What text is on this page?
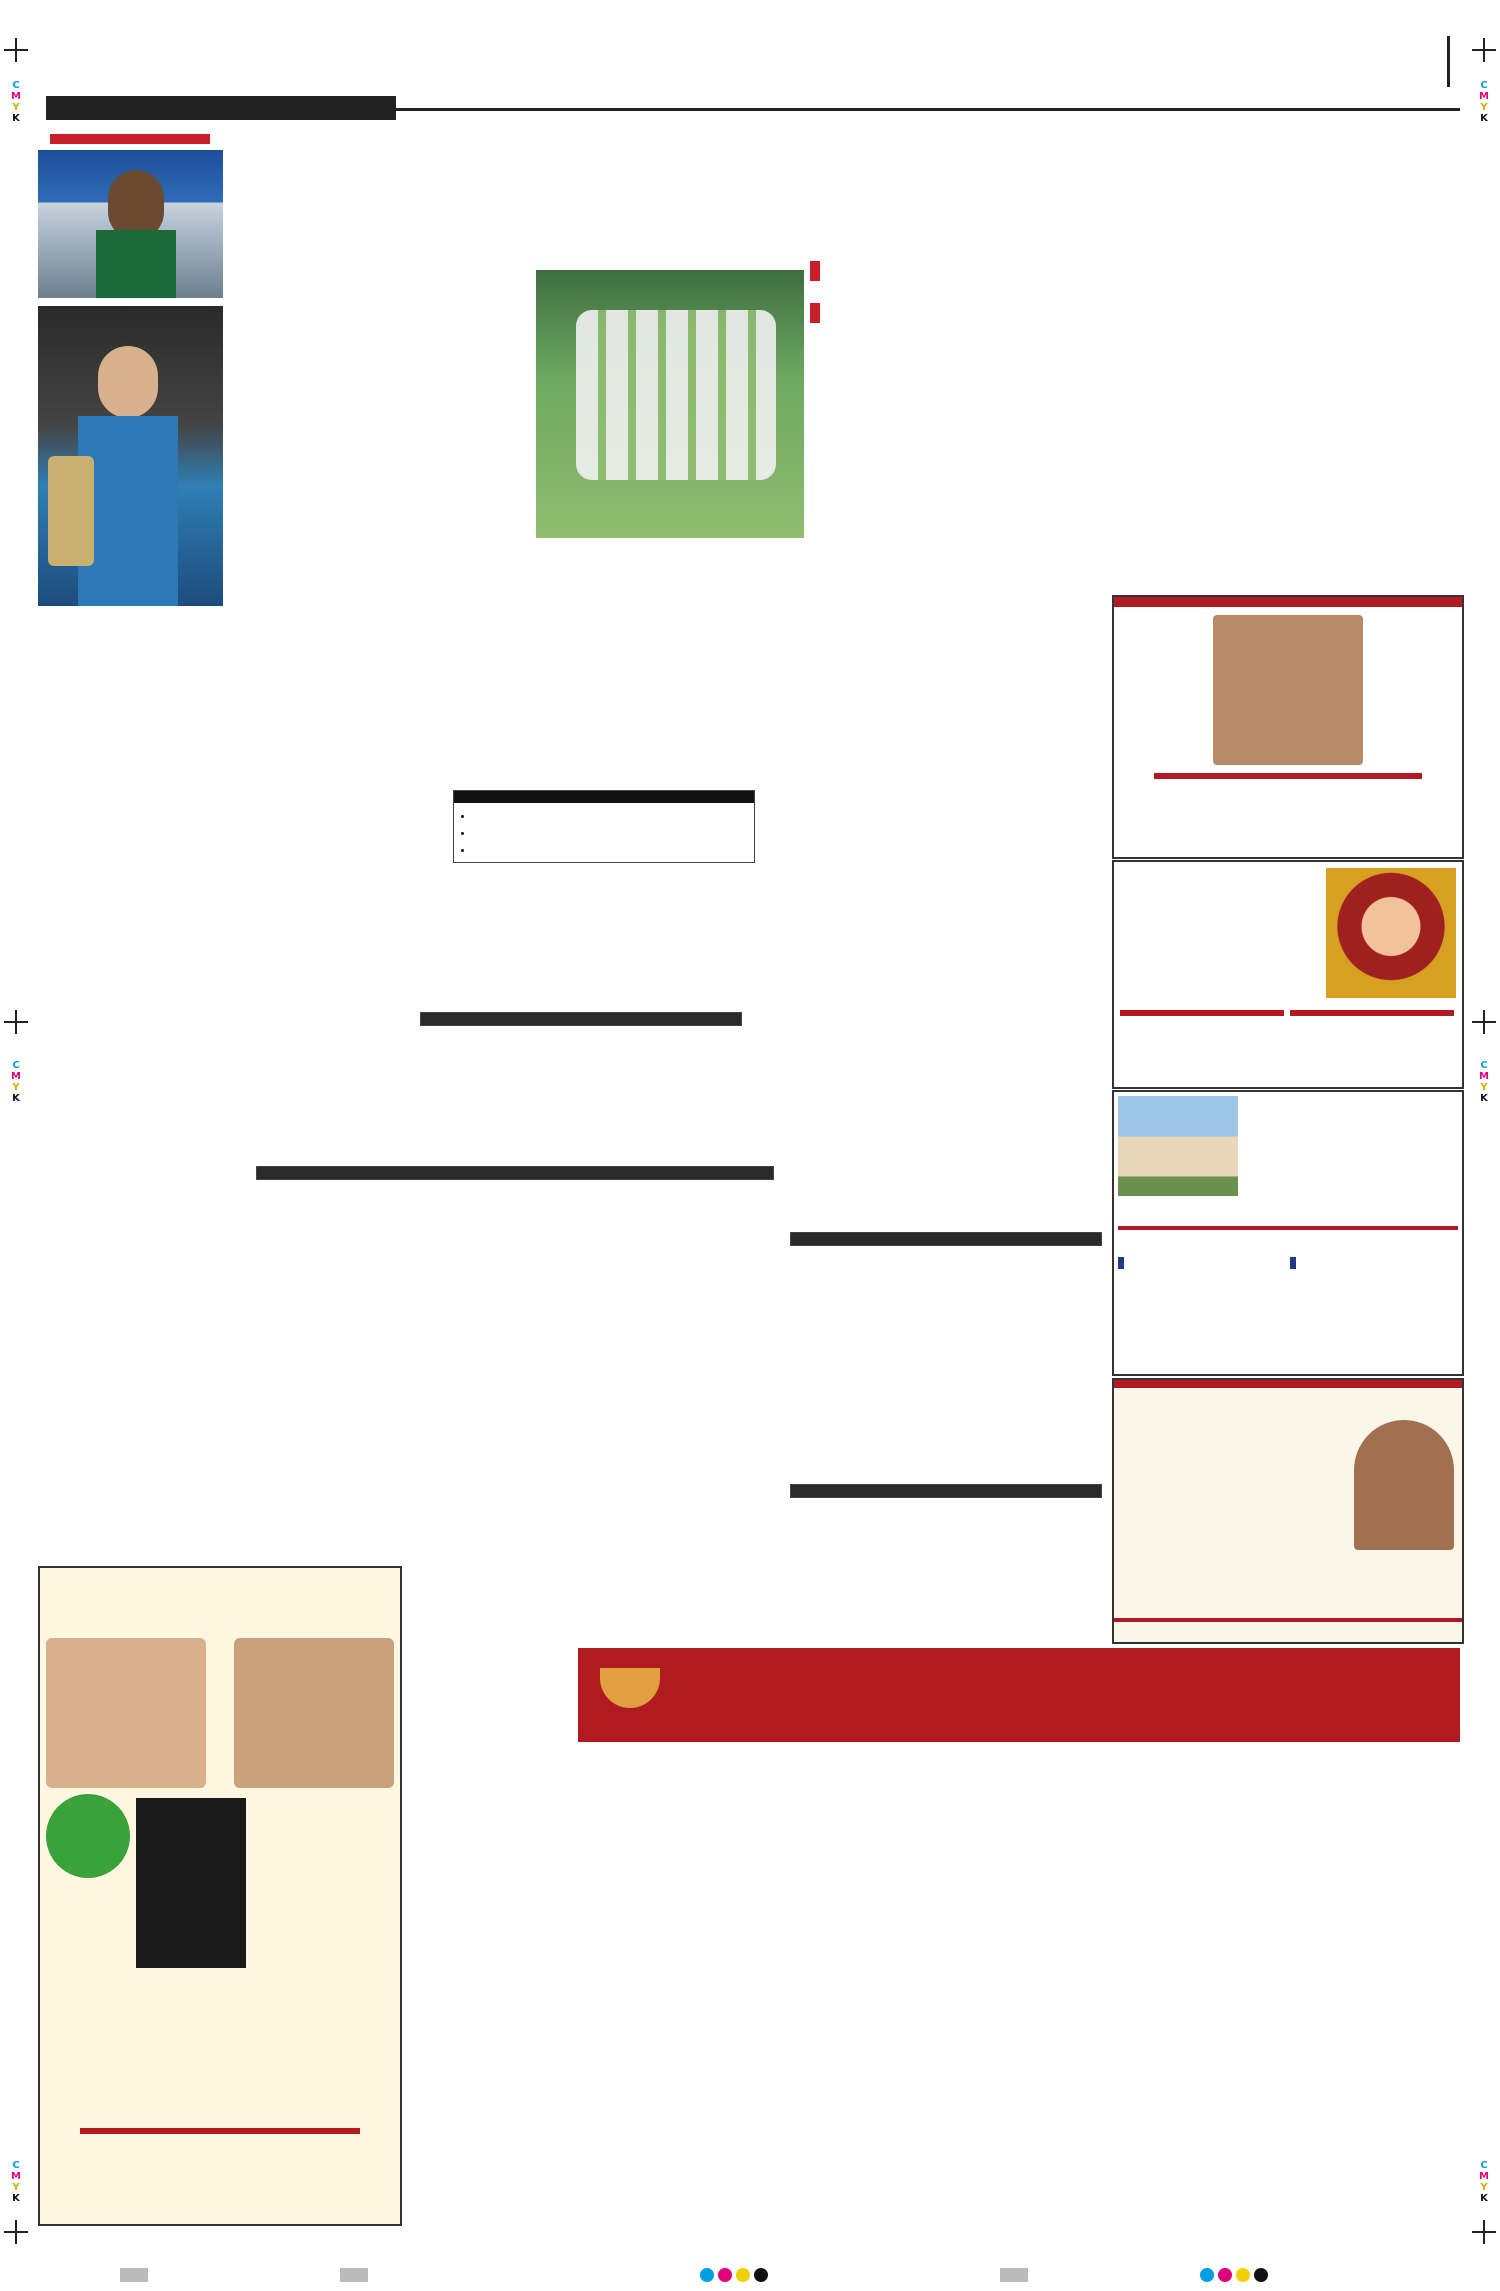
C
M
Y
K
C
M
Y
K
C
M
Y
K
C
M
Y
K
C
M
Y
K
C
M
Y
K

•
•
•
